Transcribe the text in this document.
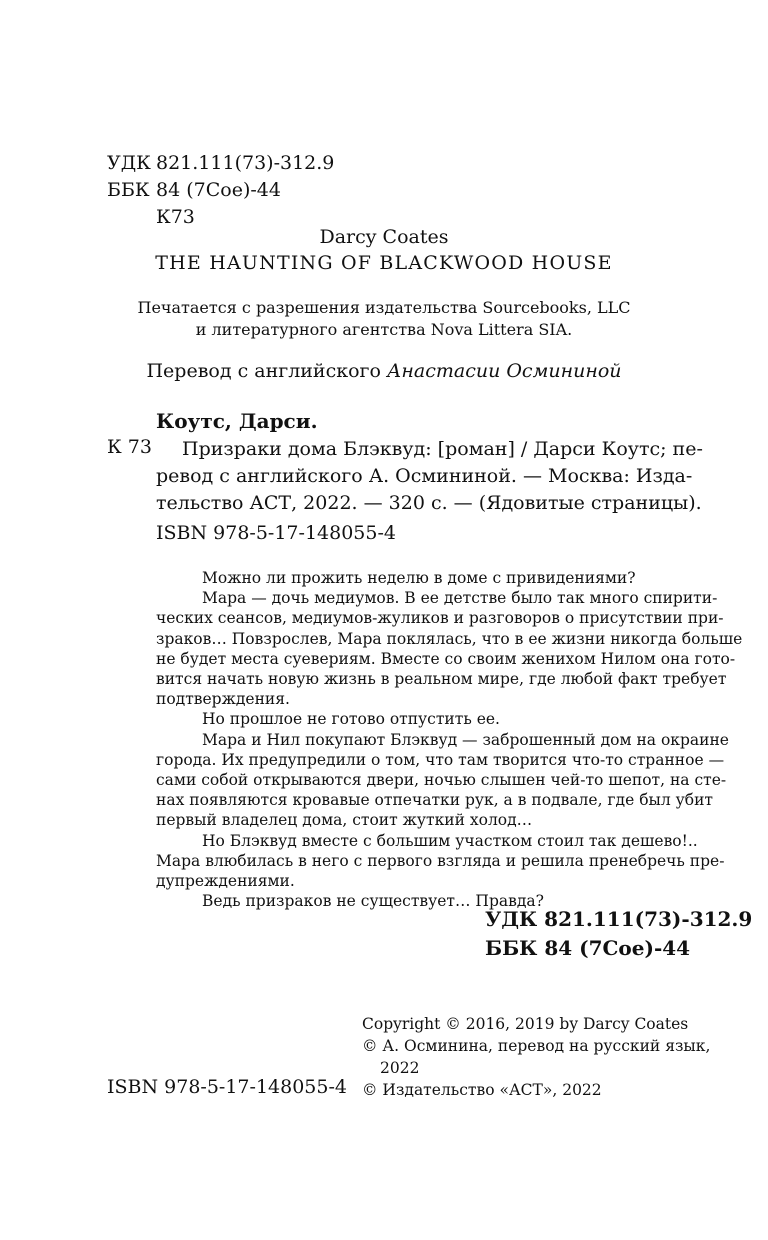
УДК 821.111(73)-312.9
ББК 84 (7Сое)-44
К73
Darcy Coates
THE HAUNTING OF BLACKWOOD HOUSE
Печатается с разрешения издательства Sourcebooks, LLC
и литературного агентства Nova Littera SIA.
Перевод с английского Анастасии Осмининой
Коутс, Дарси.
К 73	Призраки дома Блэквуд: [роман] / Дарси Коутс; пе-
ревод с английского А. Осмининой. — Москва: Изда-
тельство АСТ, 2022. — 320 с. — (Ядовитые страницы).
ISBN 978-5-17-148055-4
Можно ли прожить неделю в доме с привидениями?
Мара — дочь медиумов. В ее детстве было так много спирити-
ческих сеансов, медиумов-жуликов и разговоров о присутствии при-
зраков… Повзрослев, Мара поклялась, что в ее жизни никогда больше
не будет места суевериям. Вместе со своим женихом Нилом она гото-
вится начать новую жизнь в реальном мире, где любой факт требует
подтверждения.
Но прошлое не готово отпустить ее.
Мара и Нил покупают Блэквуд — заброшенный дом на окраине
города. Их предупредили о том, что там творится что-то странное —
сами собой открываются двери, ночью слышен чей-то шепот, на сте-
нах появляются кровавые отпечатки рук, а в подвале, где был убит
первый владелец дома, стоит жуткий холод…
Но Блэквуд вместе с большим участком стоил так дешево!..
Мара влюбилась в него с первого взгляда и решила пренебречь пре-
дупреждениями.
Ведь призраков не существует… Правда?
УДК 821.111(73)-312.9
ББК 84 (7Сое)-44
Copyright © 2016, 2019 by Darcy Coates
© А. Осминина, перевод на русский язык,
2022
© Издательство «АСТ», 2022
ISBN 978-5-17-148055-4
